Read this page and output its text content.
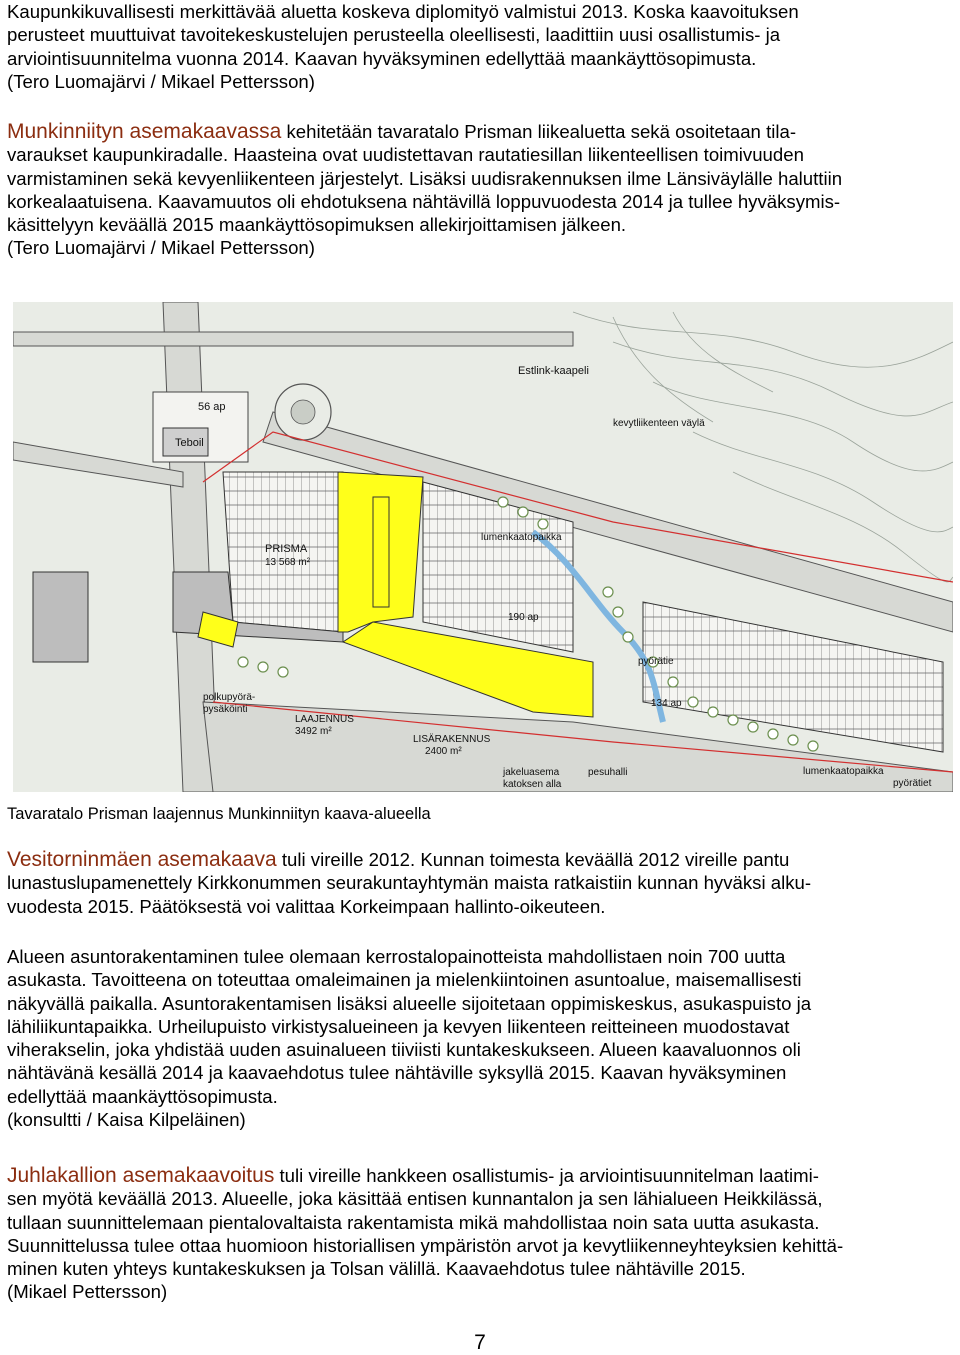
Kaupunkikuvallisesti merkittävää aluetta koskeva diplomityö valmistui 2013. Koska kaavoituksen
perusteet muuttuivat tavoitekeskustelujen perusteella oleellisesti, laadittiin uusi osallistumis- ja
arviointisuunnitelma vuonna 2014. Kaavan hyväksyminen edellyttää maankäyttösopimusta.
(Tero Luomajärvi / Mikael Pettersson)
Munkinniityn asemakaavassa kehitetään tavaratalo Prisman liikealuetta sekä osoitetaan tila-
varaukset kaupunkiradalle. Haasteina ovat uudistettavan rautatiesillan liikenteellisen toimivuuden
varmistaminen sekä kevyenliikenteen järjestelyt. Lisäksi uudisrakennuksen ilme Länsiväylälle haluttiin
korkealaatuisena. Kaavamuutos oli ehdotuksena nähtävillä loppuvuodesta 2014 ja tullee hyväksymis-
käsittelyyn keväällä 2015 maankäyttösopimuksen allekirjoittamisen jälkeen.
(Tero Luomajärvi / Mikael Pettersson)
Estlink-kaapeli
kevytliikenteen väylä
56 ap
Teboil
PRISMA
13 568 m²
lumenkaatopaikka
190 ap
134 ap
pyörätie
polkupyörä-
pysäköinti
LAAJENNUS
3492 m²
LISÄRAKENNUS
2400 m²
jakeluasema
katoksen alla
pesuhalli	lumenkaatopaikka
pyörätiet
Tavaratalo Prisman laajennus Munkinniityn kaava-alueella
Vesitorninmäen asemakaava tuli vireille 2012. Kunnan toimesta keväällä 2012 vireille pantu
lunastuslupamenettely Kirkkonummen seurakuntayhtymän maista ratkaistiin kunnan hyväksi alku-
vuodesta 2015. Päätöksestä voi valittaa Korkeimpaan hallinto-oikeuteen.
Alueen asuntorakentaminen tulee olemaan kerrostalopainotteista mahdollistaen noin 700 uutta
asukasta. Tavoitteena on toteuttaa omaleimainen ja mielenkiintoinen asuntoalue, maisemallisesti
näkyvällä paikalla. Asuntorakentamisen lisäksi alueelle sijoitetaan oppimiskeskus, asukaspuisto ja
lähiliikuntapaikka. Urheilupuisto virkistysalueineen ja kevyen liikenteen reitteineen muodostavat
viherakselin, joka yhdistää uuden asuinalueen tiiviisti kuntakeskukseen. Alueen kaavaluonnos oli
nähtävänä kesällä 2014 ja kaavaehdotus tulee nähtäville syksyllä 2015. Kaavan hyväksyminen
edellyttää maankäyttösopimusta.
(konsultti / Kaisa Kilpeläinen)
Juhlakallion asemakaavoitus tuli vireille hankkeen osallistumis- ja arviointisuunnitelman laatimi-
sen myötä keväällä 2013. Alueelle, joka käsittää entisen kunnantalon ja sen lähialueen Heikkilässä,
tullaan suunnittelemaan pientalovaltaista rakentamista mikä mahdollistaa noin sata uutta asukasta.
Suunnittelussa tulee ottaa huomioon historiallisen ympäristön arvot ja kevytliikenneyhteyksien kehittä-
minen kuten yhteys kuntakeskuksen ja Tolsan välillä. Kaavaehdotus tulee nähtäville 2015.
(Mikael Pettersson)
7
